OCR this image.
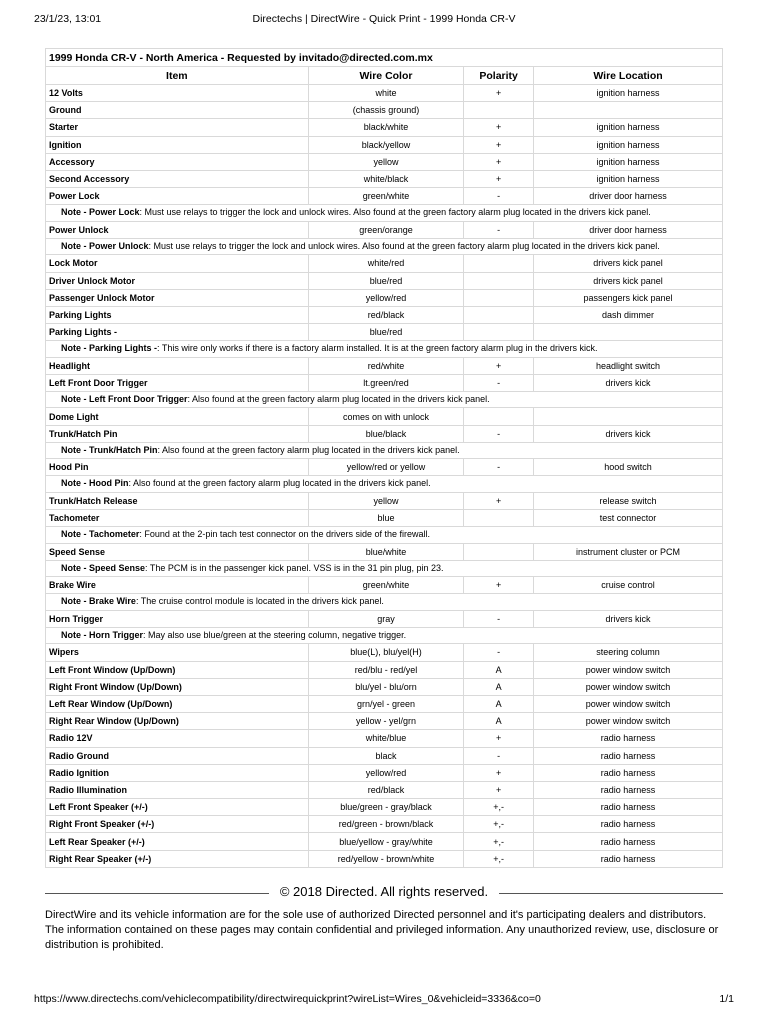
23/1/23, 13:01	Directechs | DirectWire - Quick Print - 1999 Honda CR-V
1999 Honda CR-V - North America - Requested by invitado@directed.com.mx			
Item	Wire Color	Polarity	Wire Location
12 Volts	white	+	ignition harness
Ground	(chassis ground)		
Starter	black/white	+	ignition harness
Ignition	black/yellow	+	ignition harness
Accessory	yellow	+	ignition harness
Second Accessory	white/black	+	ignition harness
Power Lock	green/white	-	driver door harness
Note - Power Lock: Must use relays to trigger the lock and unlock wires. Also found at the green factory alarm plug located in the drivers kick panel.			
Power Unlock	green/orange	-	driver door harness
Note - Power Unlock: Must use relays to trigger the lock and unlock wires. Also found at the green factory alarm plug located in the drivers kick panel.			
Lock Motor	white/red		drivers kick panel
Driver Unlock Motor	blue/red		drivers kick panel
Passenger Unlock Motor	yellow/red		passengers kick panel
Parking Lights	red/black		dash dimmer
Parking Lights -	blue/red		
Note - Parking Lights -: This wire only works if there is a factory alarm installed. It is at the green factory alarm plug in the drivers kick.			
Headlight	red/white	+	headlight switch
Left Front Door Trigger	lt.green/red	-	drivers kick
Note - Left Front Door Trigger: Also found at the green factory alarm plug located in the drivers kick panel.			
Dome Light	comes on with unlock		
Trunk/Hatch Pin	blue/black	-	drivers kick
Note - Trunk/Hatch Pin: Also found at the green factory alarm plug located in the drivers kick panel.			
Hood Pin	yellow/red or yellow	-	hood switch
Note - Hood Pin: Also found at the green factory alarm plug located in the drivers kick panel.			
Trunk/Hatch Release	yellow	+	release switch
Tachometer	blue		test connector
Note - Tachometer: Found at the 2-pin tach test connector on the drivers side of the firewall.			
Speed Sense	blue/white		instrument cluster or PCM
Note - Speed Sense: The PCM is in the passenger kick panel. VSS is in the 31 pin plug, pin 23.			
Brake Wire	green/white	+	cruise control
Note - Brake Wire: The cruise control module is located in the drivers kick panel.			
Horn Trigger	gray	-	drivers kick
Note - Horn Trigger: May also use blue/green at the steering column, negative trigger.			
Wipers	blue(L), blu/yel(H)	-	steering column
Left Front Window (Up/Down)	red/blu - red/yel	A	power window switch
Right Front Window (Up/Down)	blu/yel - blu/orn	A	power window switch
Left Rear Window (Up/Down)	grn/yel - green	A	power window switch
Right Rear Window (Up/Down)	yellow - yel/grn	A	power window switch
Radio 12V	white/blue	+	radio harness
Radio Ground	black	-	radio harness
Radio Ignition	yellow/red	+	radio harness
Radio Illumination	red/black	+	radio harness
Left Front Speaker (+/-)	blue/green - gray/black	+,-	radio harness
Right Front Speaker (+/-)	red/green - brown/black	+,-	radio harness
Left Rear Speaker (+/-)	blue/yellow - gray/white	+,-	radio harness
Right Rear Speaker (+/-)	red/yellow - brown/white	+,-	radio harness
© 2018 Directed. All rights reserved.
DirectWire and its vehicle information are for the sole use of authorized Directed personnel and it's participating dealers and distributors. The information contained on these pages may contain confidential and privileged information. Any unauthorized review, use, disclosure or distribution is prohibited.
https://www.directechs.com/vehiclecompatibility/directwirequickprint?wireList=Wires_0&vehicleid=3336&co=0	1/1
